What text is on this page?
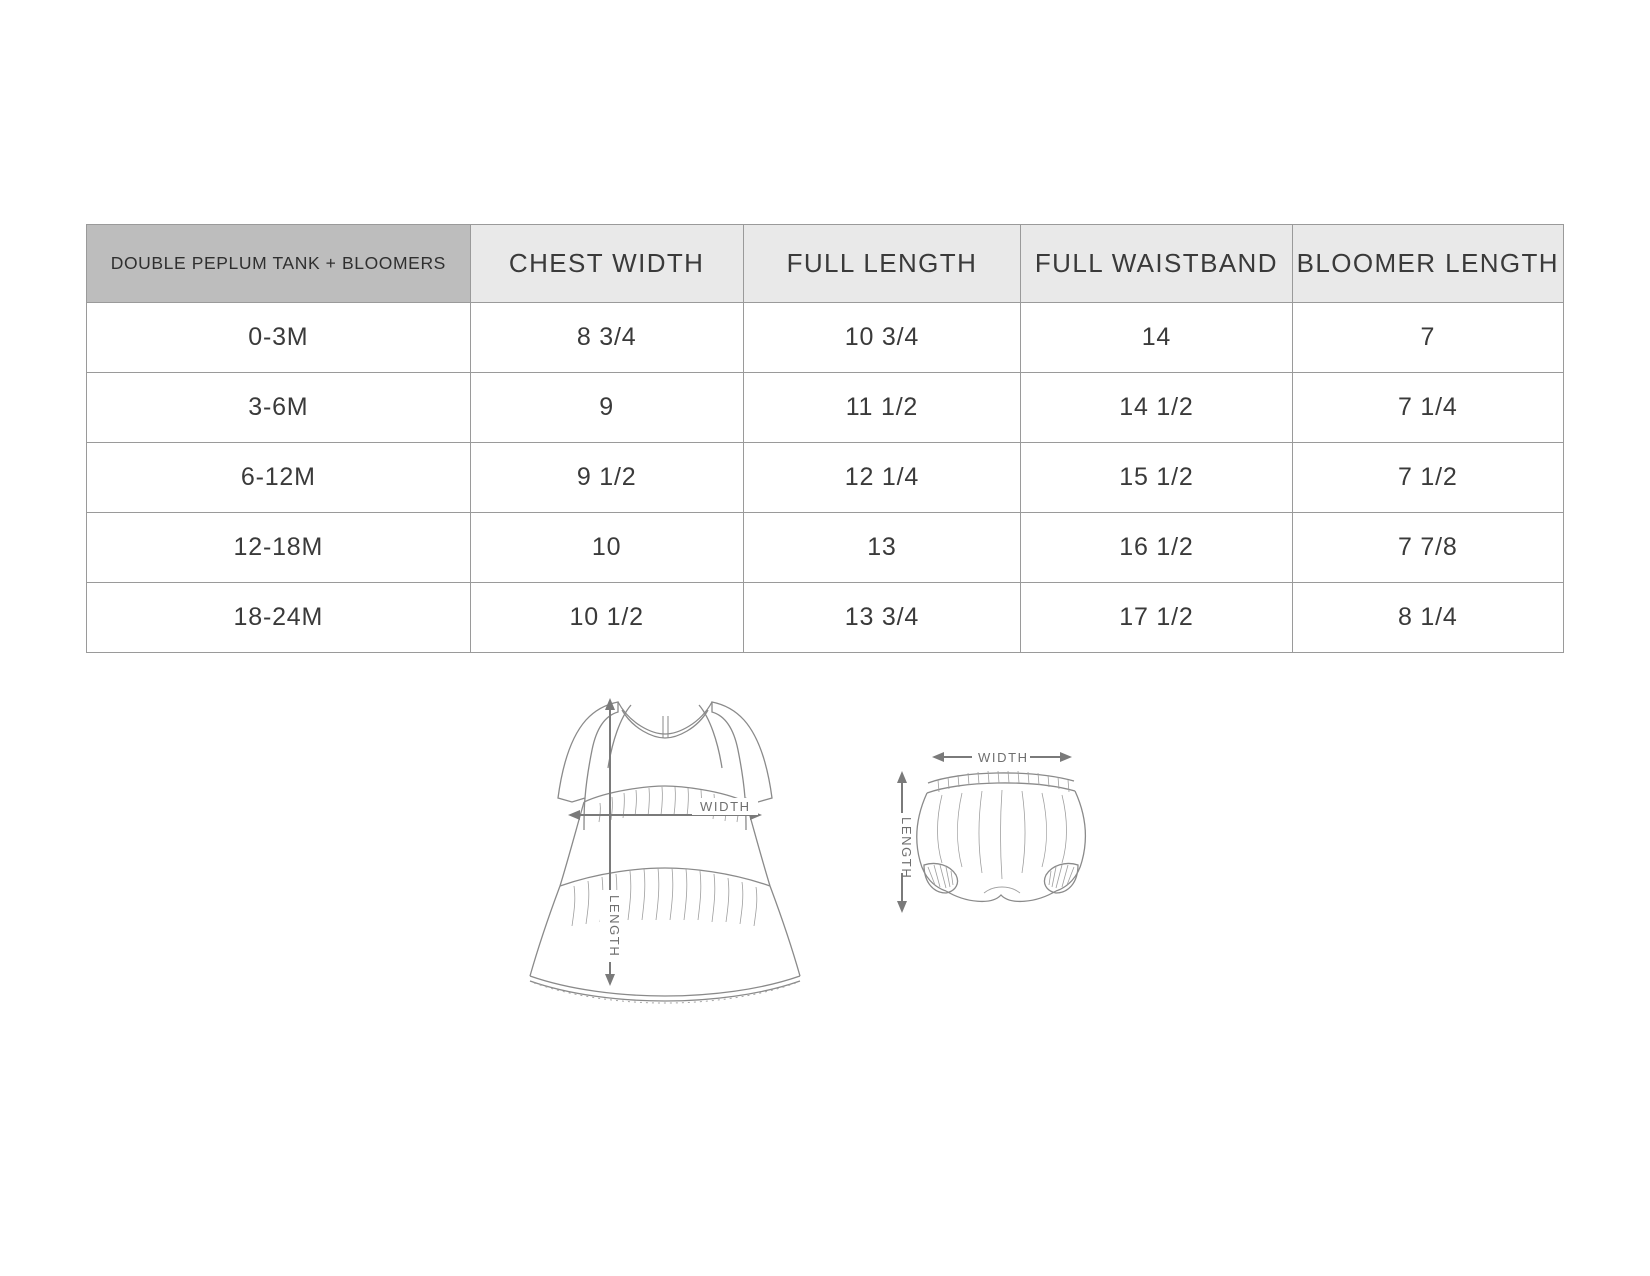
DOUBLE PEPLUM TANK + BLOOMERS	CHEST WIDTH	FULL LENGTH	FULL WAISTBAND	BLOOMER LENGTH
0-3M	8 3/4	10 3/4	14	7
3-6M	9	11 1/2	14 1/2	7 1/4
6-12M	9 1/2	12 1/4	15 1/2	7 1/2
12-18M	10	13	16 1/2	7 7/8
18-24M	10 1/2	13 3/4	17 1/2	8 1/4
WIDTH
LENGTH
WIDTH
LENGTH
